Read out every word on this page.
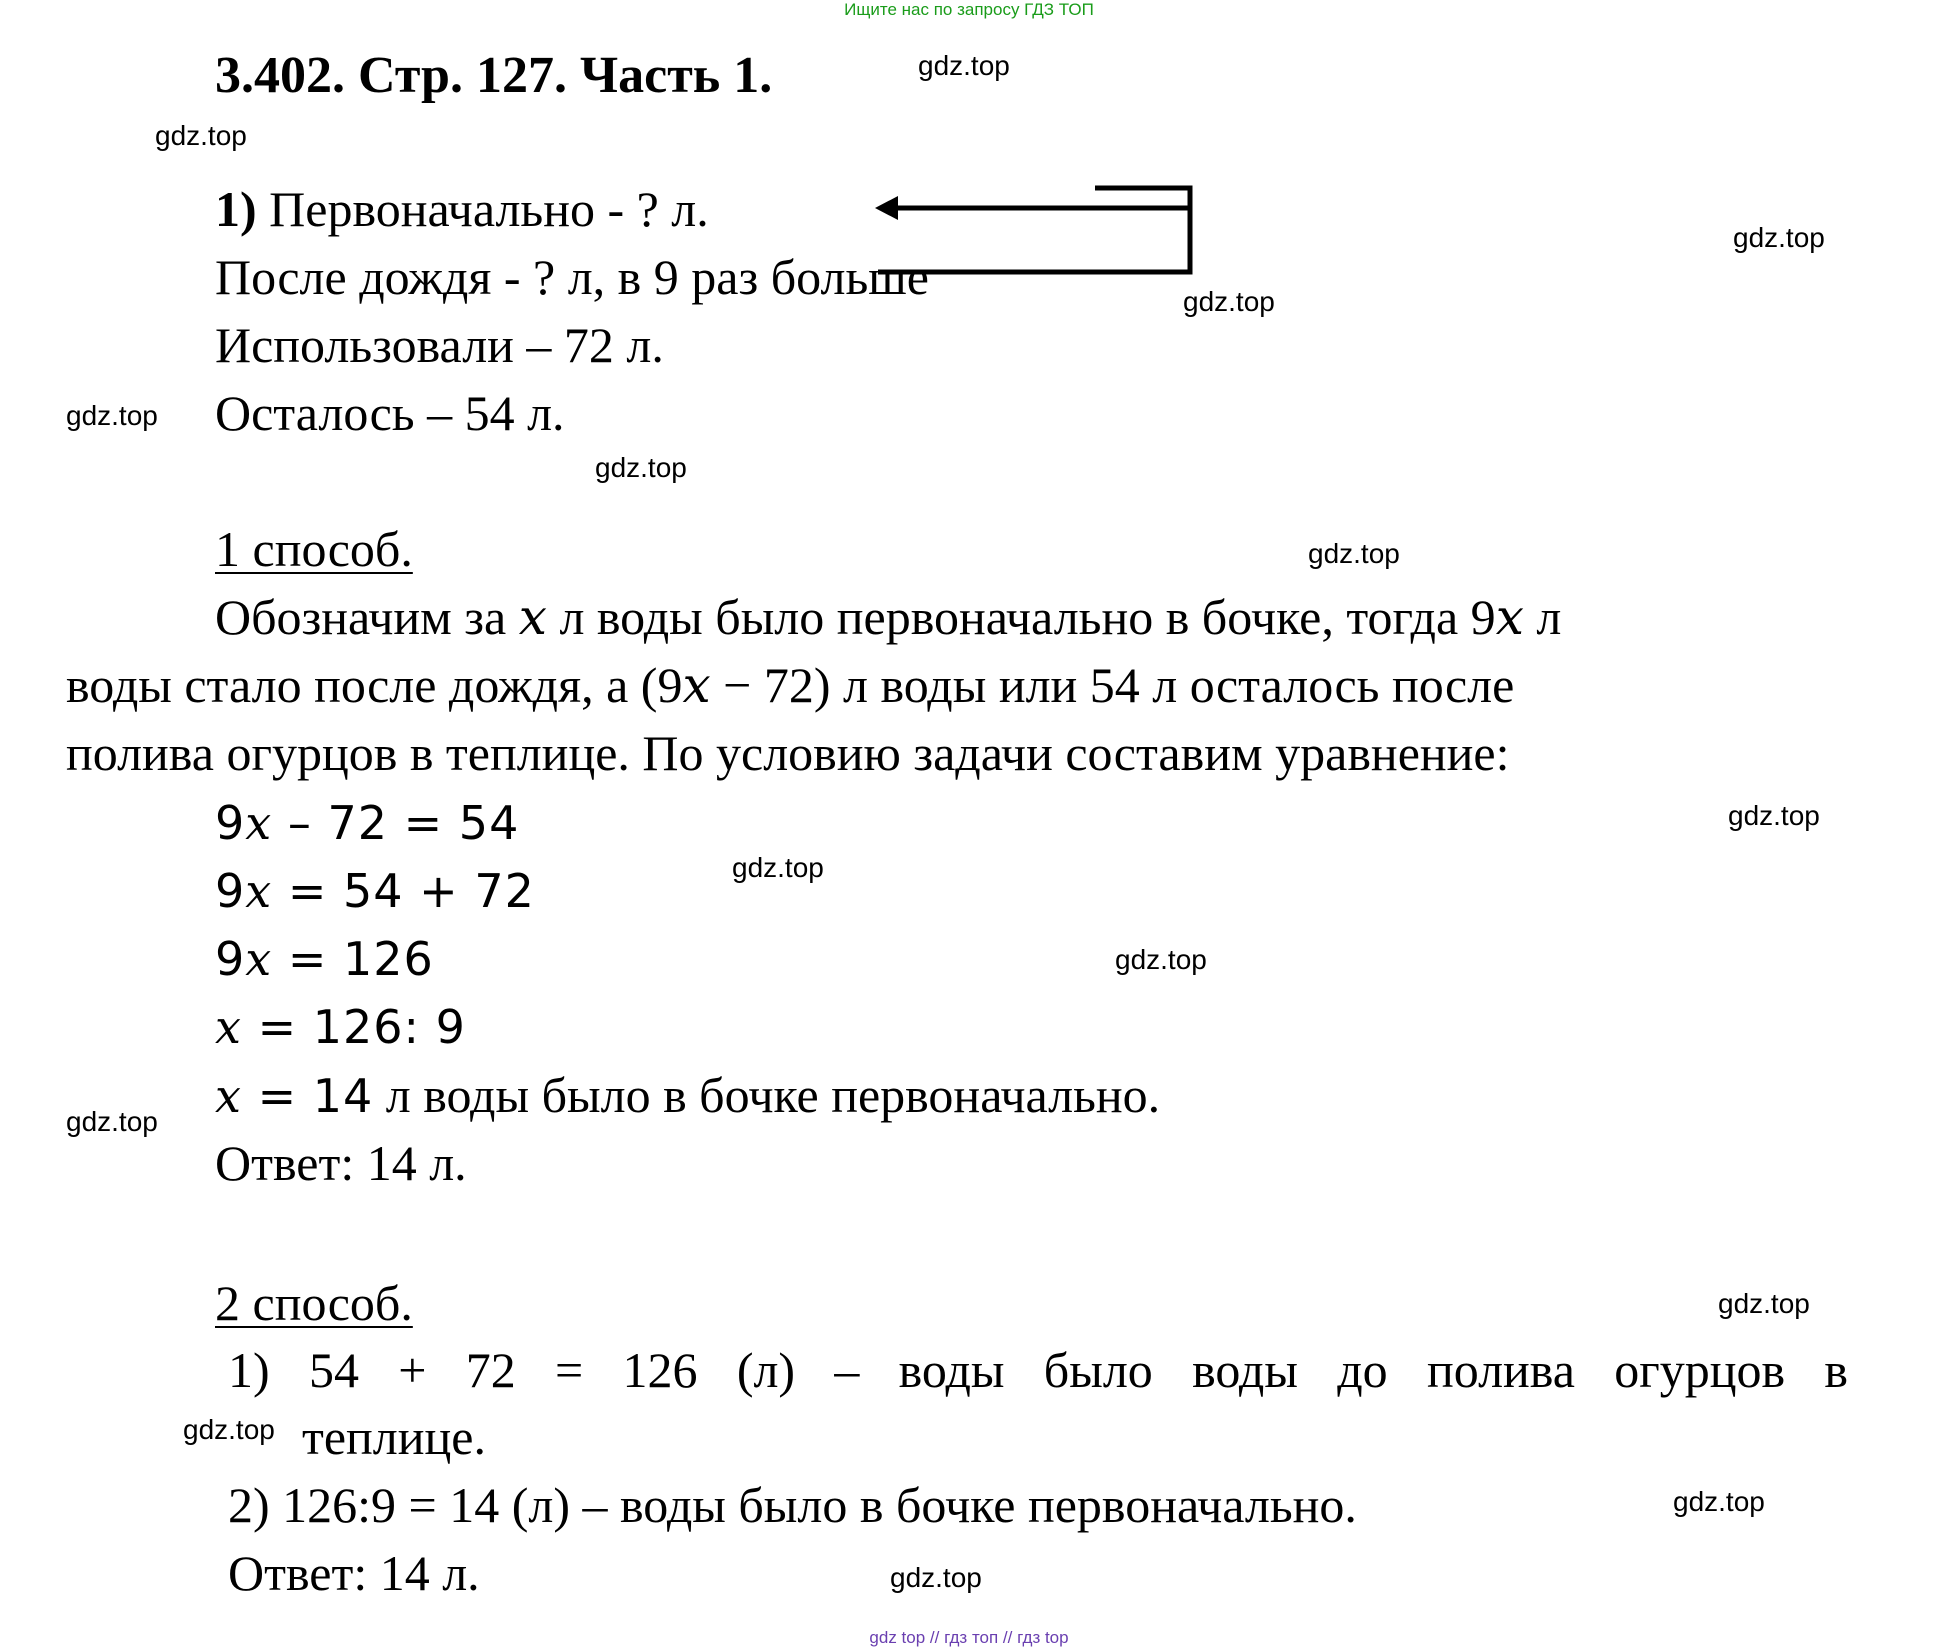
Ищите нас по запросу ГДЗ ТОП
3.402. Стр. 127. Часть 1.
1) Первоначально - ? л.
После дождя - ? л, в 9 раз больше
Использовали – 72 л.
Осталось – 54 л.
1 способ.
Обозначим за x л воды было первоначально в бочке, тогда 9x л
воды стало после дождя, а (9x − 72) л воды или 54 л осталось после
полива огурцов в теплице. По условию задачи составим уравнение:
9x – 72 = 54
9x = 54 + 72
9x = 126
x = 126: 9
x = 14 л воды было в бочке первоначально.
Ответ: 14 л.
2 способ.
1) 54 + 72 = 126 (л) – воды было воды до полива огурцов в
теплице.
2) 126:9 = 14 (л) – воды было в бочке первоначально.
Ответ: 14 л.
gdz.top
gdz.top
gdz.top
gdz.top
gdz.top
gdz.top
gdz.top
gdz.top
gdz.top
gdz.top
gdz.top
gdz.top
gdz.top
gdz.top
gdz.top
gdz top // гдз топ // гдз top
